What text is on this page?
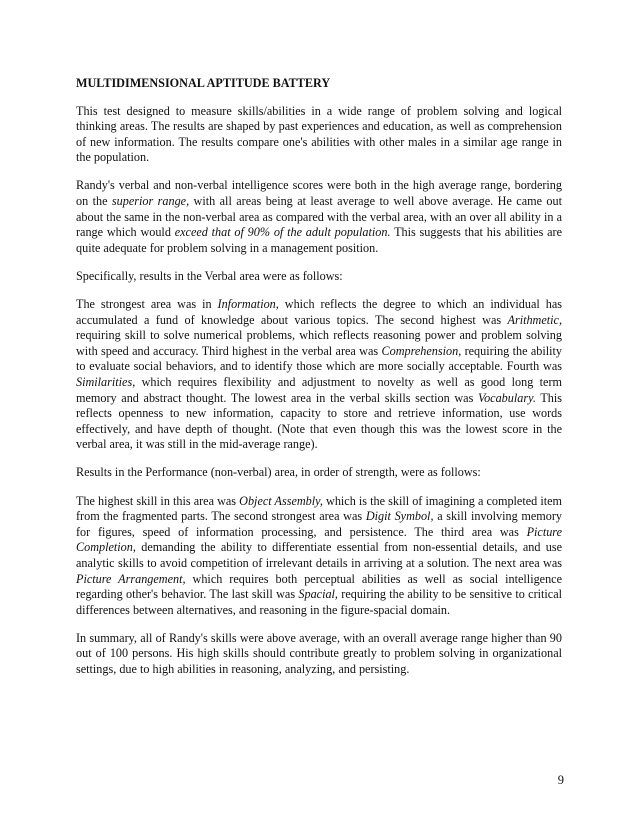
MULTIDIMENSIONAL APTITUDE BATTERY

This test designed to measure skills/abilities in a wide range of problem solving and logical thinking areas. The results are shaped by past experiences and education, as well as comprehension of new information. The results compare one's abilities with other males in a similar age range in the population.

Randy's verbal and non-verbal intelligence scores were both in the high average range, bordering on the superior range, with all areas being at least average to well above average. He came out about the same in the non-verbal area as compared with the verbal area, with an over all ability in a range which would exceed that of 90% of the adult population. This suggests that his abilities are quite adequate for problem solving in a management position.

Specifically, results in the Verbal area were as follows:

The strongest area was in Information, which reflects the degree to which an individual has accumulated a fund of knowledge about various topics. The second highest was Arithmetic, requiring skill to solve numerical problems, which reflects reasoning power and problem solving with speed and accuracy. Third highest in the verbal area was Comprehension, requiring the ability to evaluate social behaviors, and to identify those which are more socially acceptable. Fourth was Similarities, which requires flexibility and adjustment to novelty as well as good long term memory and abstract thought. The lowest area in the verbal skills section was Vocabulary. This reflects openness to new information, capacity to store and retrieve information, use words effectively, and have depth of thought. (Note that even though this was the lowest score in the verbal area, it was still in the mid-average range).

Results in the Performance (non-verbal) area, in order of strength, were as follows:

The highest skill in this area was Object Assembly, which is the skill of imagining a completed item from the fragmented parts. The second strongest area was Digit Symbol, a skill involving memory for figures, speed of information processing, and persistence. The third area was Picture Completion, demanding the ability to differentiate essential from non-essential details, and use analytic skills to avoid competition of irrelevant details in arriving at a solution. The next area was Picture Arrangement, which requires both perceptual abilities as well as social intelligence regarding other's behavior. The last skill was Spacial, requiring the ability to be sensitive to critical differences between alternatives, and reasoning in the figure-spacial domain.

In summary, all of Randy's skills were above average, with an overall average range higher than 90 out of 100 persons. His high skills should contribute greatly to problem solving in organizational settings, due to high abilities in reasoning, analyzing, and persisting.

9
